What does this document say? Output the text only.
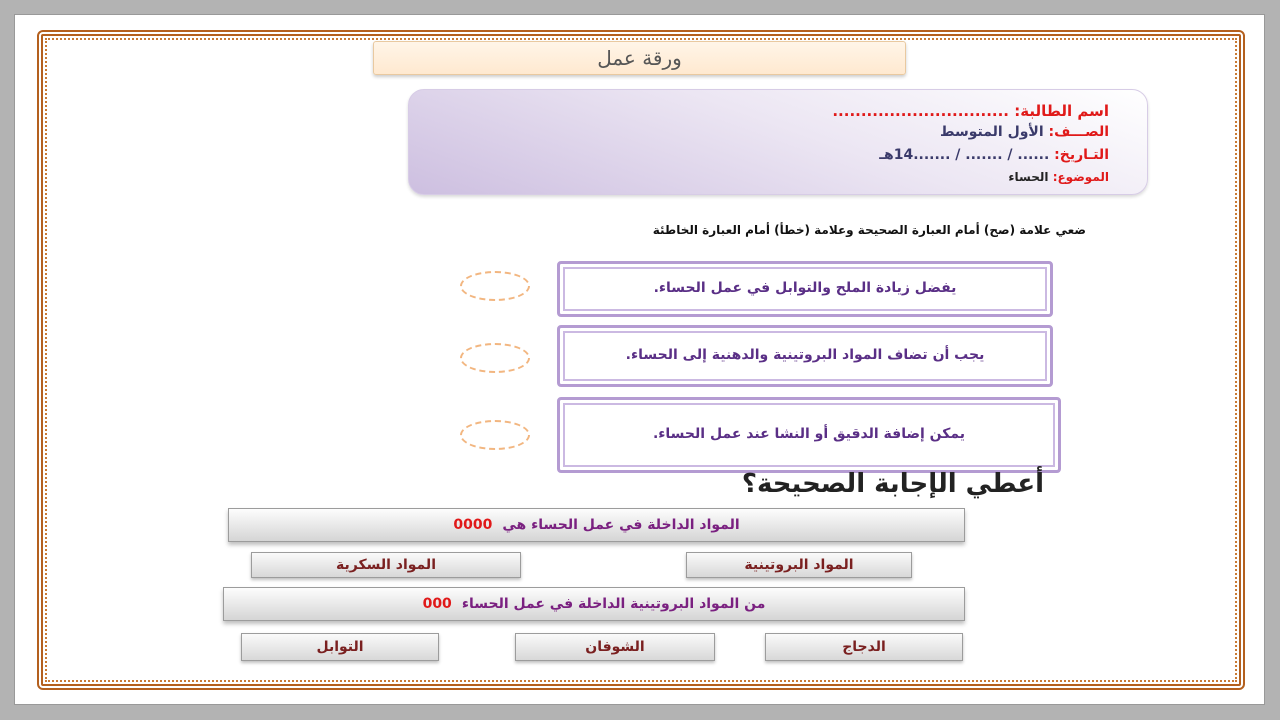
ورقة عمل
اسم الطالبة: ...............................
الصـــف: الأول المتوسط
التـاريخ: ...... / ....... / .......14هـ
الموضوع: الحساء
ضعي علامة (صح) أمام العبارة الصحيحة وعلامة (خطأ) أمام العبارة الخاطئة
يفضل زيادة الملح والتوابل في عمل الحساء.
يجب أن تضاف المواد البروتينية والدهنية إلى الحساء.
يمكن إضافة الدقيق أو النشا عند عمل الحساء.
أعطي الإجابة الصحيحة؟
المواد الداخلة في عمل الحساء هي
0000
المواد البروتينية
المواد السكرية
من المواد البروتينية الداخلة في عمل الحساء
000
الدجاج
الشوفان
التوابل
